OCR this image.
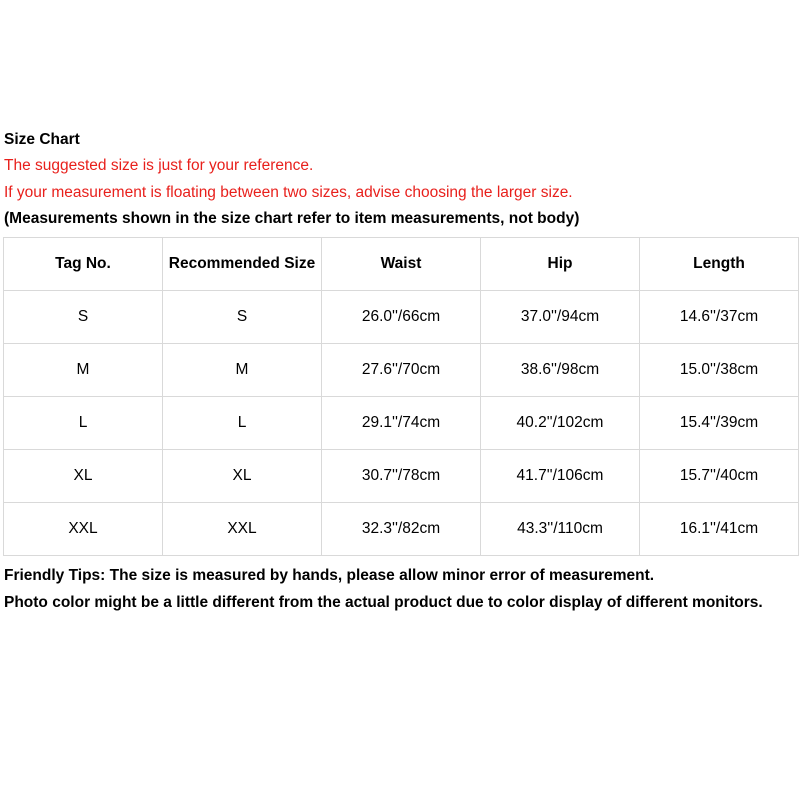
Size Chart
The suggested size is just for your reference.
If your measurement is floating between two sizes, advise choosing the larger size.
(Measurements shown in the size chart refer to item measurements, not body)
Tag No.	Recommended Size	Waist	Hip	Length
S	S	26.0''/66cm	37.0''/94cm	14.6''/37cm
M	M	27.6''/70cm	38.6''/98cm	15.0''/38cm
L	L	29.1''/74cm	40.2''/102cm	15.4''/39cm
XL	XL	30.7''/78cm	41.7''/106cm	15.7''/40cm
XXL	XXL	32.3''/82cm	43.3''/110cm	16.1''/41cm
Friendly Tips: The size is measured by hands, please allow minor error of measurement.
Photo color might be a little different from the actual product due to color display of different monitors.
